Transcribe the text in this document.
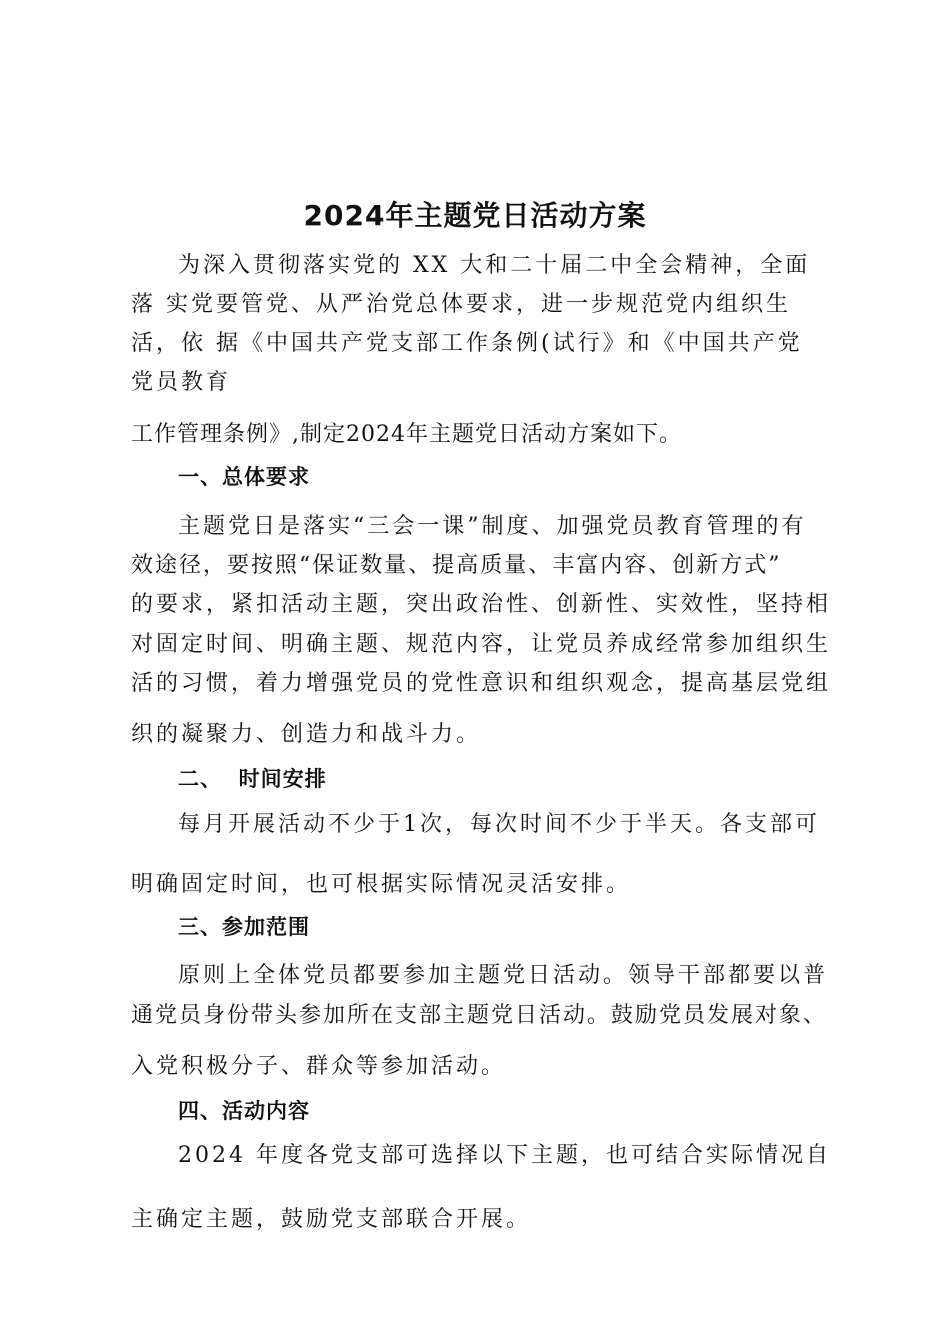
2024年主题党日活动方案
为深入贯彻落实党的 XX 大和二十届二中全会精神，全面
落 实党要管党、从严治党总体要求，进一步规范党内组织生
活，依 据《中国共产党支部工作条例(试行》和《中国共产党
党员教育
工作管理条例》,制定2024年主题党日活动方案如下。
一、总体要求
主题党日是落实“三会一课”制度、加强党员教育管理的有
效途径，要按照“保证数量、提高质量、丰富内容、创新方式”
的要求，紧扣活动主题，突出政治性、创新性、实效性，坚持相
对固定时间、明确主题、规范内容，让党员养成经常参加组织生
活的习惯，着力增强党员的党性意识和组织观念，提高基层党组
织的凝聚力、创造力和战斗力。
二、  时间安排
每月开展活动不少于1次，每次时间不少于半天。各支部可
明确固定时间，也可根据实际情况灵活安排。
三、参加范围
原则上全体党员都要参加主题党日活动。领导干部都要以普
通党员身份带头参加所在支部主题党日活动。鼓励党员发展对象、
入党积极分子、群众等参加活动。
四、活动内容
2024 年度各党支部可选择以下主题，也可结合实际情况自
主确定主题，鼓励党支部联合开展。
